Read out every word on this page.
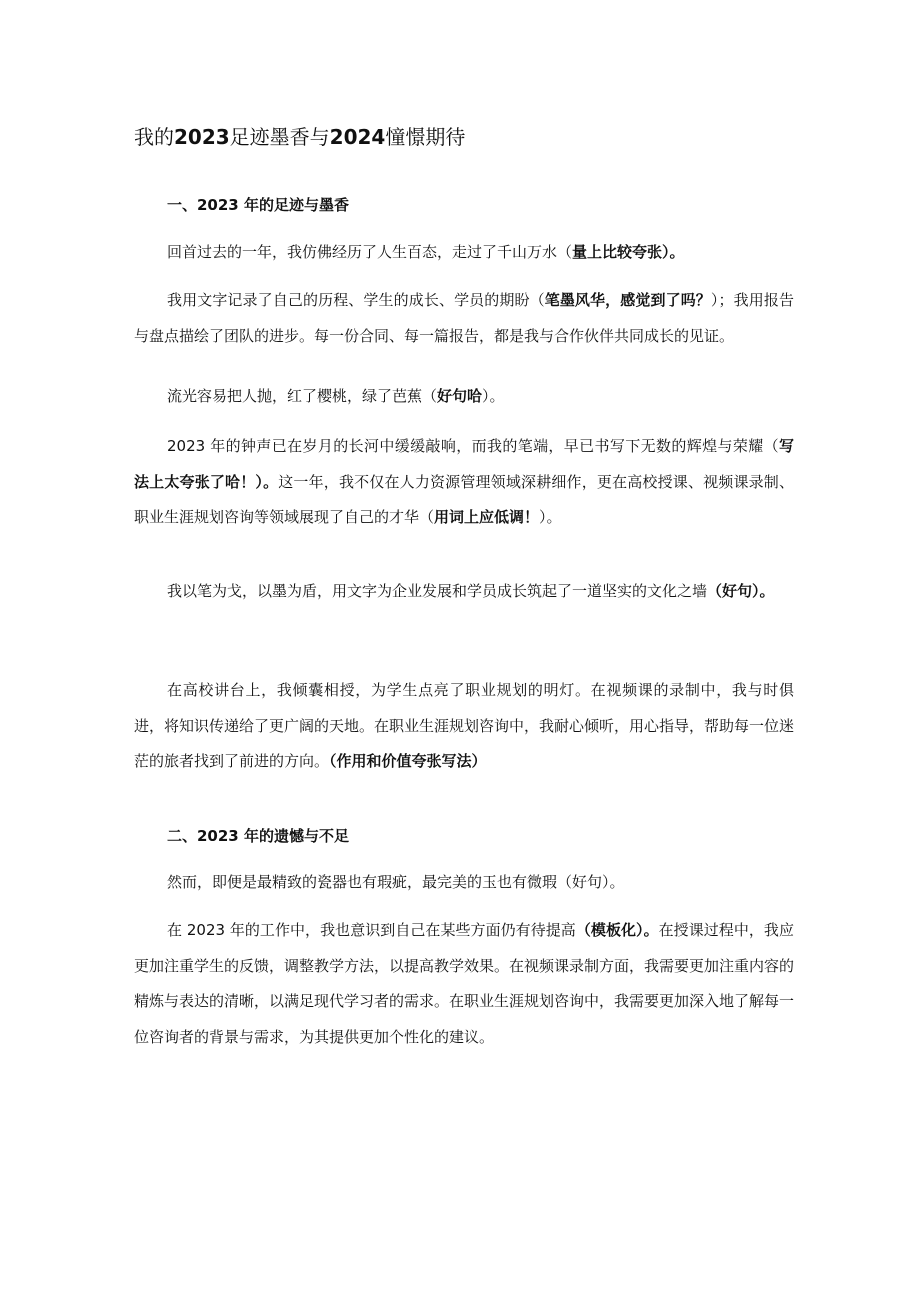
我的2023足迹墨香与2024憧憬期待
一、2023 年的足迹与墨香
回首过去的一年，我仿佛经历了人生百态，走过了千山万水（量上比较夸张）。
我用文字记录了自己的历程、学生的成长、学员的期盼（笔墨风华，感觉到了吗？）；我用报告与盘点描绘了团队的进步。每一份合同、每一篇报告，都是我与合作伙伴共同成长的见证。
流光容易把人抛，红了樱桃，绿了芭蕉（好句哈）。
2023 年的钟声已在岁月的长河中缓缓敲响，而我的笔端，早已书写下无数的辉煌与荣耀（写法上太夸张了哈！）。这一年，我不仅在人力资源管理领域深耕细作，更在高校授课、视频课录制、职业生涯规划咨询等领域展现了自己的才华（用词上应低调！）。
我以笔为戈，以墨为盾，用文字为企业发展和学员成长筑起了一道坚实的文化之墙（好句）。
在高校讲台上，我倾囊相授，为学生点亮了职业规划的明灯。在视频课的录制中，我与时俱进，将知识传递给了更广阔的天地。在职业生涯规划咨询中，我耐心倾听，用心指导，帮助每一位迷茫的旅者找到了前进的方向。（作用和价值夸张写法）
二、2023 年的遗憾与不足
然而，即便是最精致的瓷器也有瑕疵，最完美的玉也有微瑕（好句）。
在 2023 年的工作中，我也意识到自己在某些方面仍有待提高（模板化）。在授课过程中，我应更加注重学生的反馈，调整教学方法，以提高教学效果。在视频课录制方面，我需要更加注重内容的精炼与表达的清晰，以满足现代学习者的需求。在职业生涯规划咨询中，我需要更加深入地了解每一位咨询者的背景与需求，为其提供更加个性化的建议。
